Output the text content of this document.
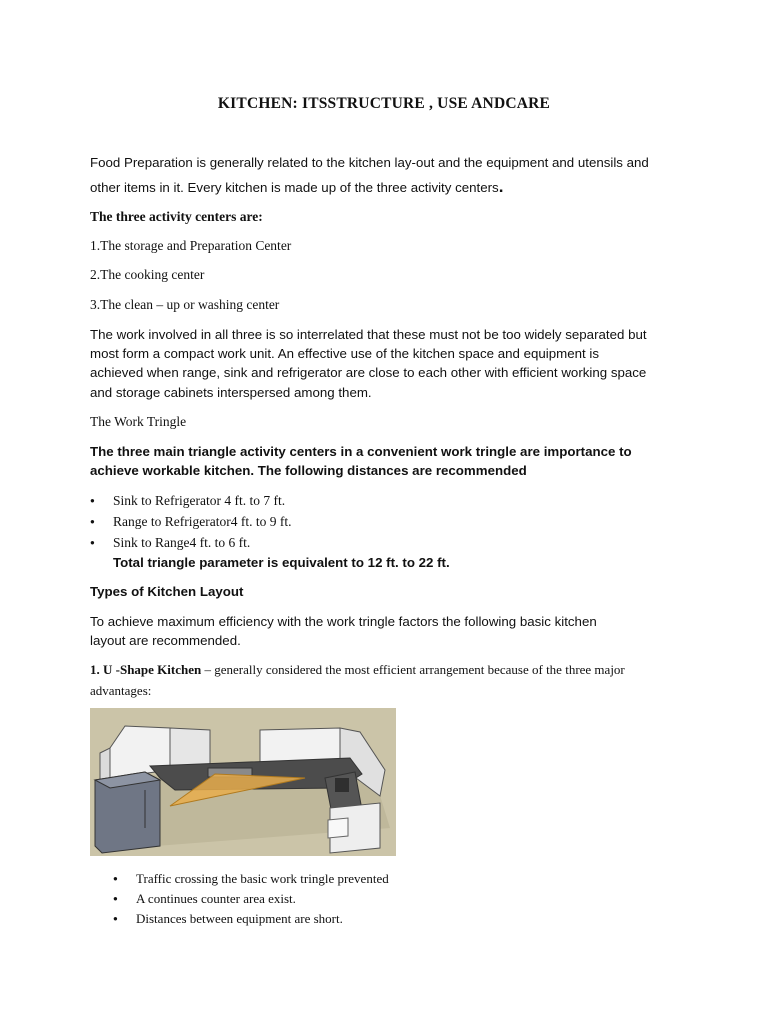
KITCHEN: ITSSTRUCTURE , USE ANDCARE
Food Preparation is generally related to the kitchen lay-out and the equipment and utensils and
other items in it. Every kitchen is made up of the three activity centers.
The three activity centers are:
1.The storage and Preparation Center
2.The cooking center
3.The clean – up or washing center
The work involved in all three is so interrelated that these must not be too widely separated but
most form a compact work unit. An effective use of the kitchen space and equipment is
achieved when range, sink and refrigerator are close to each other with efficient working space
and storage cabinets interspersed among them.
The Work Tringle
The three main triangle activity centers in a convenient work tringle are importance to
achieve workable kitchen. The following distances are recommended
● Sink to Refrigerator 4 ft. to 7 ft.
● Range to Refrigerator4 ft. to 9 ft.
● Sink to Range4 ft. to 6 ft.
Total triangle parameter is equivalent to 12 ft. to 22 ft.
Types of Kitchen Layout
To achieve maximum efficiency with the work tringle factors the following basic kitchen
layout are recommended.
1. U -Shape Kitchen – generally considered the most efficient arrangement because of the three major
advantages:
● Traffic crossing the basic work tringle prevented
● A continues counter area exist.
● Distances between equipment are short.
